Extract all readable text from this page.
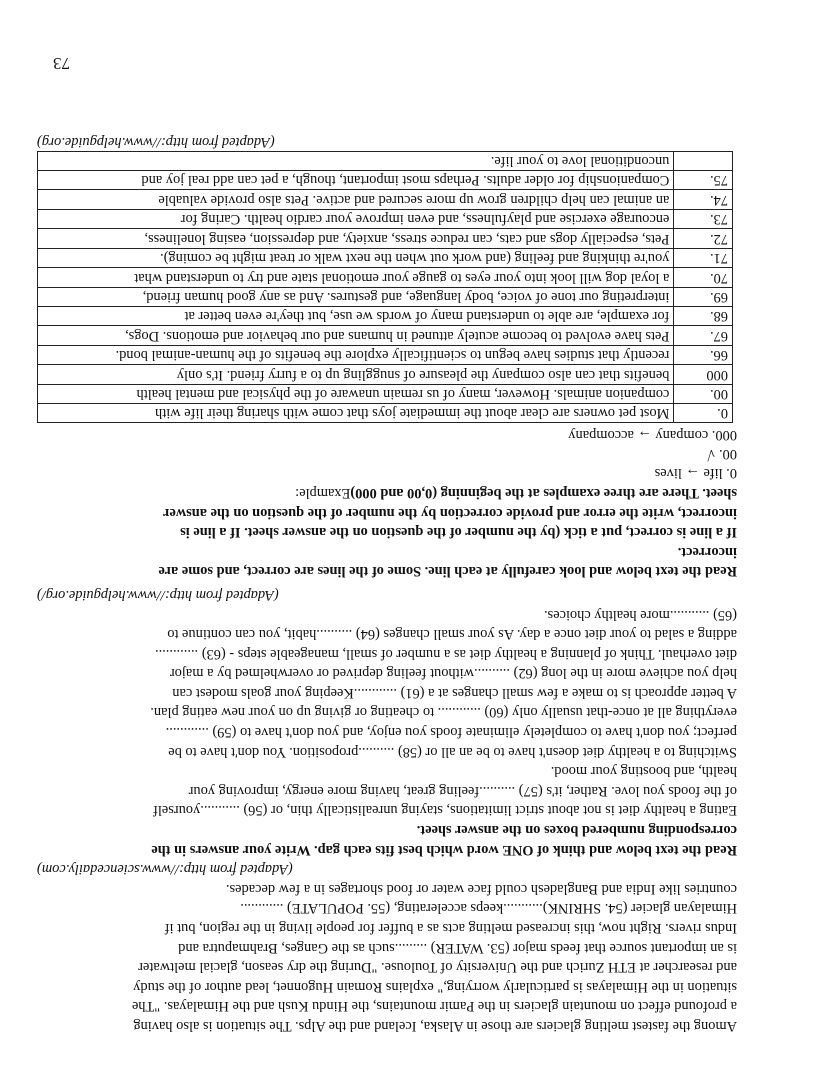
Among the fastest melting glaciers are those in Alaska, Iceland and the Alps. The situation is also having
a profound effect on mountain glaciers in the Pamir mountains, the Hindu Kush and the Himalayas. "The
situation in the Himalayas is particularly worrying," explains Romain Hugonnet, lead author of the study
and researcher at ETH Zurich and the University of Toulouse. "During the dry season, glacial meltwater
is an important source that feeds major (53. WATER) .........such as the Ganges, Brahmaputra and
Indus rivers. Right now, this increased melting acts as a buffer for people living in the region, but if
Himalayan glacier (54. SHRINK)...........keeps accelerating, (55. POPULATE) ............
countries like India and Bangladesh could face water or food shortages in a few decades.

(Adapted from http://www.sciencedaily.com)

Read the text below and think of ONE word which best fits each gap. Write your answers in the
corresponding numbered boxes on the answer sheet.
Eating a healthy diet is not about strict limitations, staying unrealistically thin, or (56) ...........yourself
of the foods you love. Rather, it's (57) ..........feeling great, having more energy, improving your
health, and boosting your mood.
Switching to a healthy diet doesn't have to be an all or (58) ..........proposition. You don't have to be
perfect; you don't have to completely eliminate foods you enjoy, and you don't have to (59) ............
everything all at once-that usually only (60) ............ to cheating or giving up on your new eating plan.
A better approach is to make a few small changes at a (61) ............Keeping your goals modest can
help you achieve more in the long (62) ..........without feeling deprived or overwhelmed by a major
diet overhaul. Think of planning a healthy diet as a number of small, manageable steps - (63) ............
adding a salad to your diet once a day. As your small changes (64) ..........habit, you can continue to
(65) ...........more healthy choices.

(Adapted from http://www.helpguide.org/)

Read the text below and look carefully at each line. Some of the lines are correct, and some are
incorrect.
If a line is correct, put a tick (by the number of the question on the answer sheet. If a line is
incorrect, write the error and provide correction by the number of the question on the answer
sheet. There are three examples at the beginning (0,00 and 000)Example:
0. life → lives
00. √
000. company → accompany
0.	Most pet owners are clear about the immediate joys that come with sharing their life with
00.	companion animals. However, many of us remain unaware of the physical and mental health
000	benefits that can also company the pleasure of snuggling up to a furry friend. It's only
66.	recently that studies have begun to scientifically explore the benefits of the human-animal bond.
67.	Pets have evolved to become acutely attuned in humans and our behavior and emotions. Dogs,
68.	for example, are able to understand many of words we use, but they're even better at
69.	interpreting our tone of voice, body language, and gestures. And as any good human friend,
70.	a loyal dog will look into your eyes to gauge your emotional state and try to understand what
71.	you're thinking and feeling (and work out when the next walk or treat might be coming).
72.	Pets, especially dogs and cats, can reduce stress, anxiety, and depression, easing loneliness,
73.	encourage exercise and playfulness, and even improve your cardio health. Caring for
74.	an animal can help children grow up more secured and active. Pets also provide valuable
75.	Companionship for older adults. Perhaps most important, though, a pet can add real joy and
	unconditional love to your life.

(Adapted from http://www.helpguide.org)

73
